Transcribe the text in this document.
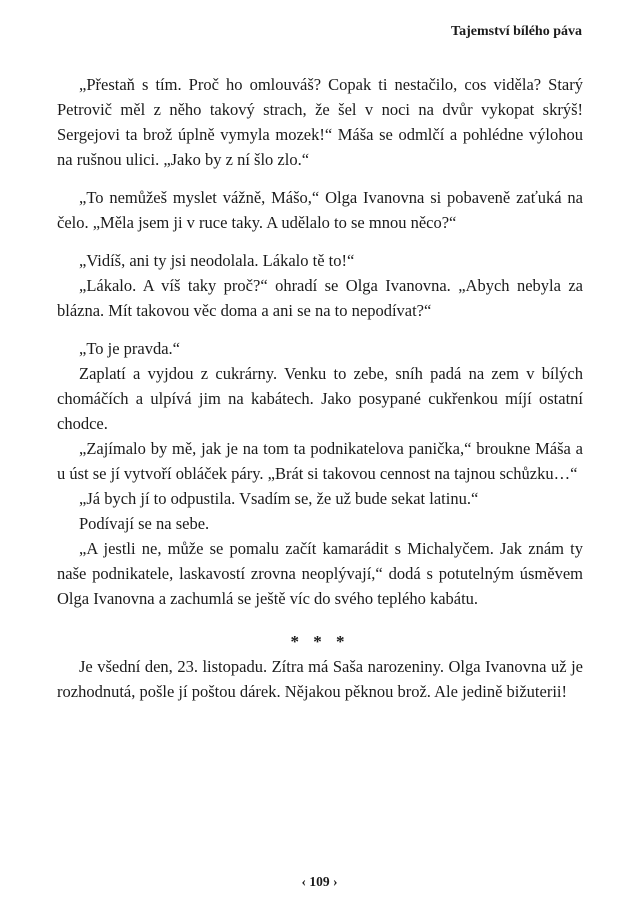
Tajemství bílého páva

„Přestaň s tím. Proč ho omlouváš? Copak ti nestačilo, cos viděla? Starý Petrovič měl z něho takový strach, že šel v noci na dvůr vykopat skrýš! Sergejovi ta brož úplně vymyla mozek!“ Máša se odmlčí a pohlédne výlohou na rušnou ulici. „Jako by z ní šlo zlo.“

„To nemůžeš myslet vážně, Mášo,“ Olga Ivanovna si pobaveně zaťuká na čelo. „Měla jsem ji v ruce taky. A udělalo to se mnou něco?“

„Vidíš, ani ty jsi neodolala. Lákalo tě to!“

„Lákalo. A víš taky proč?“ ohradí se Olga Ivanovna. „Abych nebyla za blázna. Mít takovou věc doma a ani se na to nepodívat?“

„To je pravda.“

Zaplatí a vyjdou z cukrárny. Venku to zebe, sníh padá na zem v bílých chomáčích a ulpívá jim na kabátech. Jako posypané cukřenkou míjí ostatní chodce.

„Zajímalo by mě, jak je na tom ta podnikatelova panička,“ broukne Máša a u úst se jí vytvoří obláček páry. „Brát si takovou cennost na tajnou schůzku…“

„Já bych jí to odpustila. Vsadím se, že už bude sekat latinu.“

Podívají se na sebe.

„A jestli ne, může se pomalu začít kamarádit s Michalyčem. Jak znám ty naše podnikatele, laskavostí zrovna neoplývají,“ dodá s potutelným úsměvem Olga Ivanovna a zachumlá se ještě víc do svého teplého kabátu.

* * *

Je všední den, 23. listopadu. Zítra má Saša narozeniny. Olga Ivanovna už je rozhodnutá, pošle jí poštou dárek. Nějakou pěknou brož. Ale jedině bižuterii!

‹ 109 ›
